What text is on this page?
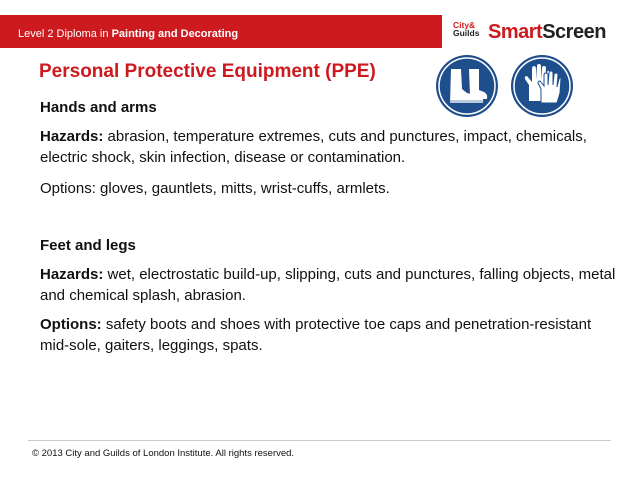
Level 2 Diploma in Painting and Decorating
City&
Guilds SmartScreen
Personal Protective Equipment (PPE)

Hands and arms

Hazards: abrasion, temperature extremes, cuts and punctures, impact, chemicals, electric shock, skin infection, disease or contamination.

Options: gloves, gauntlets, mitts, wrist-cuffs, armlets.

Feet and legs

Hazards: wet, electrostatic build-up, slipping, cuts and punctures, falling objects, metal and chemical splash, abrasion.

Options: safety boots and shoes with protective toe caps and penetration-resistant mid-sole, gaiters, leggings, spats.

© 2013 City and Guilds of London Institute. All rights reserved.
